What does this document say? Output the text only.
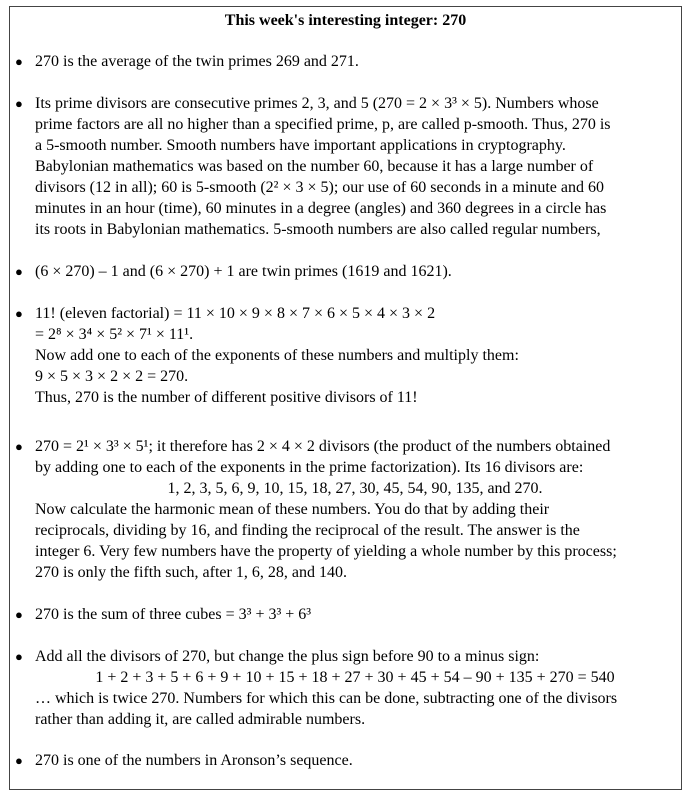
This week's interesting integer: 270
● 270 is the average of the twin primes 269 and 271.
● Its prime divisors are consecutive primes 2, 3, and 5 (270 = 2 × 3³ × 5). Numbers whose
prime factors are all no higher than a specified prime, p, are called p-smooth. Thus, 270 is
a 5-smooth number. Smooth numbers have important applications in cryptography.
Babylonian mathematics was based on the number 60, because it has a large number of
divisors (12 in all); 60 is 5-smooth (2² × 3 × 5); our use of 60 seconds in a minute and 60
minutes in an hour (time), 60 minutes in a degree (angles) and 360 degrees in a circle has
its roots in Babylonian mathematics. 5-smooth numbers are also called regular numbers,
● (6 × 270) – 1 and (6 × 270) + 1 are twin primes (1619 and 1621).
● 11! (eleven factorial) = 11 × 10 × 9 × 8 × 7 × 6 × 5 × 4 × 3 × 2
= 2⁸ × 3⁴ × 5² × 7¹ × 11¹.
Now add one to each of the exponents of these numbers and multiply them:
9 × 5 × 3 × 2 × 2 = 270.
Thus, 270 is the number of different positive divisors of 11!
● 270 = 2¹ × 3³ × 5¹; it therefore has 2 × 4 × 2 divisors (the product of the numbers obtained
by adding one to each of the exponents in the prime factorization). Its 16 divisors are:
1, 2, 3, 5, 6, 9, 10, 15, 18, 27, 30, 45, 54, 90, 135, and 270.
Now calculate the harmonic mean of these numbers. You do that by adding their
reciprocals, dividing by 16, and finding the reciprocal of the result. The answer is the
integer 6. Very few numbers have the property of yielding a whole number by this process;
270 is only the fifth such, after 1, 6, 28, and 140.
● 270 is the sum of three cubes = 3³ + 3³ + 6³
● Add all the divisors of 270, but change the plus sign before 90 to a minus sign:
1 + 2 + 3 + 5 + 6 + 9 + 10 + 15 + 18 + 27 + 30 + 45 + 54 – 90 + 135 + 270 = 540
… which is twice 270. Numbers for which this can be done, subtracting one of the divisors
rather than adding it, are called admirable numbers.
● 270 is one of the numbers in Aronson’s sequence.
